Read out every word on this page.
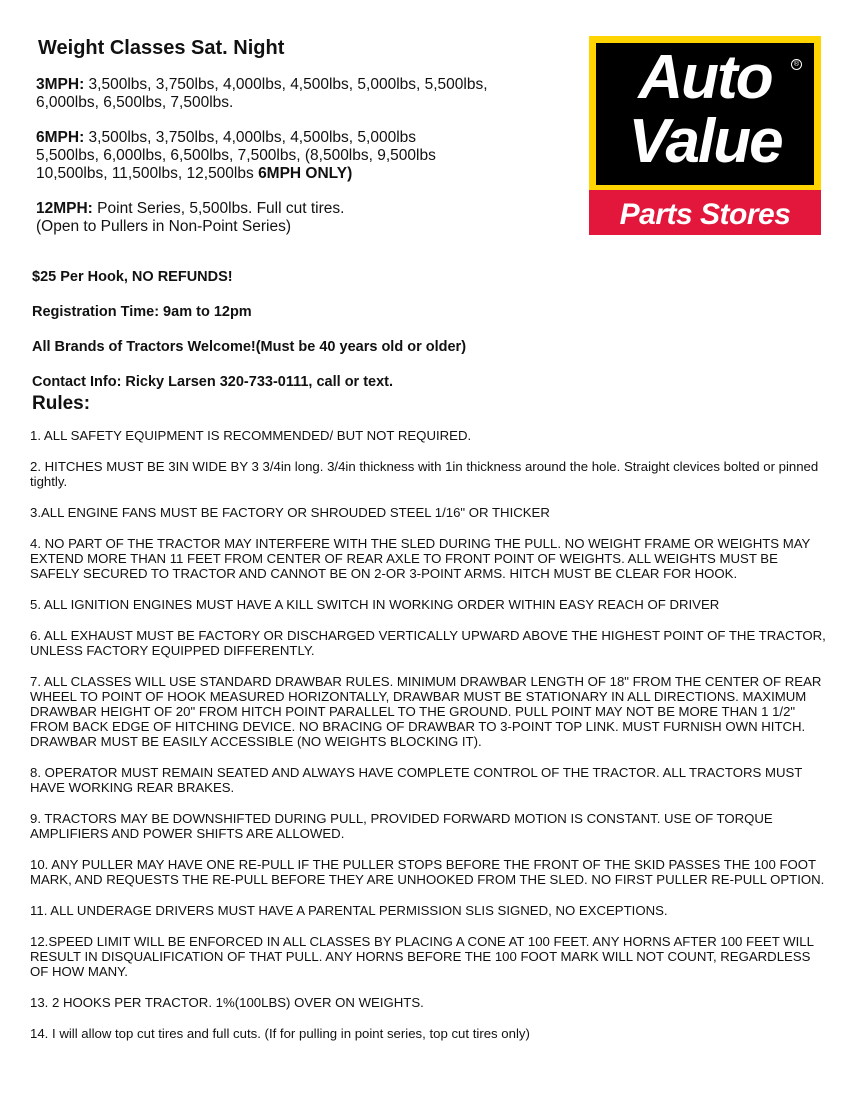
Weight Classes Sat. Night

3MPH: 3,500lbs, 3,750lbs, 4,000lbs, 4,500lbs, 5,000lbs, 5,500lbs,
6,000lbs, 6,500lbs, 7,500lbs.

6MPH: 3,500lbs, 3,750lbs, 4,000lbs, 4,500lbs, 5,000lbs
5,500lbs, 6,000lbs, 6,500lbs, 7,500lbs, (8,500lbs, 9,500lbs
10,500lbs, 11,500lbs, 12,500lbs 6MPH ONLY)

12MPH: Point Series, 5,500lbs. Full cut tires.
(Open to Pullers in Non-Point Series)

$25 Per Hook, NO REFUNDS!

Registration Time: 9am to 12pm

All Brands of Tractors Welcome!(Must be 40 years old or older)

Contact Info: Ricky Larsen 320-733-0111, call or text.

Rules:

1. ALL SAFETY EQUIPMENT IS RECOMMENDED/ BUT NOT REQUIRED.

2. HITCHES MUST BE 3IN WIDE BY 3 3/4in long. 3/4in thickness with 1in thickness around the hole. Straight clevices bolted or pinned tightly.

3.ALL ENGINE FANS MUST BE FACTORY OR SHROUDED STEEL 1/16" OR THICKER

4. NO PART OF THE TRACTOR MAY INTERFERE WITH THE SLED DURING THE PULL. NO WEIGHT FRAME OR WEIGHTS MAY EXTEND MORE THAN 11 FEET FROM CENTER OF REAR AXLE TO FRONT POINT OF WEIGHTS. ALL WEIGHTS MUST BE SAFELY SECURED TO TRACTOR AND CANNOT BE ON 2-OR 3-POINT ARMS. HITCH MUST BE CLEAR FOR HOOK.

5. ALL IGNITION ENGINES MUST HAVE A KILL SWITCH IN WORKING ORDER WITHIN EASY REACH OF DRIVER

6. ALL EXHAUST MUST BE FACTORY OR DISCHARGED VERTICALLY UPWARD ABOVE THE HIGHEST POINT OF THE TRACTOR, UNLESS FACTORY EQUIPPED DIFFERENTLY.

7. ALL CLASSES WILL USE STANDARD DRAWBAR RULES. MINIMUM DRAWBAR LENGTH OF 18" FROM THE CENTER OF REAR WHEEL TO POINT OF HOOK MEASURED HORIZONTALLY, DRAWBAR MUST BE STATIONARY IN ALL DIRECTIONS. MAXIMUM DRAWBAR HEIGHT OF 20" FROM HITCH POINT PARALLEL TO THE GROUND. PULL POINT MAY NOT BE MORE THAN 1 1/2" FROM BACK EDGE OF HITCHING DEVICE. NO BRACING OF DRAWBAR TO 3-POINT TOP LINK. MUST FURNISH OWN HITCH. DRAWBAR MUST BE EASILY ACCESSIBLE (NO WEIGHTS BLOCKING IT).

8. OPERATOR MUST REMAIN SEATED AND ALWAYS HAVE COMPLETE CONTROL OF THE TRACTOR. ALL TRACTORS MUST HAVE WORKING REAR BRAKES.

9. TRACTORS MAY BE DOWNSHIFTED DURING PULL, PROVIDED FORWARD MOTION IS CONSTANT. USE OF TORQUE AMPLIFIERS AND POWER SHIFTS ARE ALLOWED.

10. ANY PULLER MAY HAVE ONE RE-PULL IF THE PULLER STOPS BEFORE THE FRONT OF THE SKID PASSES THE 100 FOOT MARK, AND REQUESTS THE RE-PULL BEFORE THEY ARE UNHOOKED FROM THE SLED. NO FIRST PULLER RE-PULL OPTION.

11. ALL UNDERAGE DRIVERS MUST HAVE A PARENTAL PERMISSION SLIS SIGNED, NO EXCEPTIONS.

12.SPEED LIMIT WILL BE ENFORCED IN ALL CLASSES BY PLACING A CONE AT 100 FEET. ANY HORNS AFTER 100 FEET WILL RESULT IN DISQUALIFICATION OF THAT PULL. ANY HORNS BEFORE THE 100 FOOT MARK WILL NOT COUNT, REGARDLESS OF HOW MANY.

13. 2 HOOKS PER TRACTOR. 1%(100LBS) OVER ON WEIGHTS.

14. I will allow top cut tires and full cuts. (If for pulling in point series, top cut tires only)

Auto
Value
®
Parts Stores
